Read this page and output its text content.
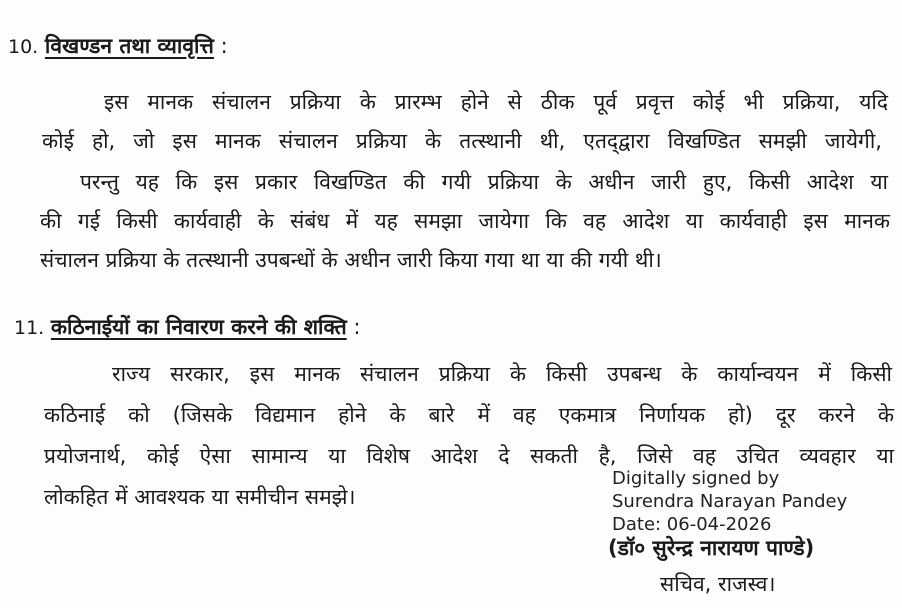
10. विखण्डन तथा व्यावृत्ति :
इस मानक संचालन प्रक्रिया के प्रारम्भ होने से ठीक पूर्व प्रवृत्त कोई भी प्रक्रिया, यदि
कोई हो, जो इस मानक संचालन प्रक्रिया के तत्स्थानी थी, एतद्‌द्वारा विखण्डित समझी जायेगी,
परन्तु यह कि इस प्रकार विखण्डित की गयी प्रक्रिया के अधीन जारी हुए, किसी आदेश या
की गई किसी कार्यवाही के संबंध में यह समझा जायेगा कि वह आदेश या कार्यवाही इस मानक
संचालन प्रक्रिया के तत्स्थानी उपबन्धों के अधीन जारी किया गया था या की गयी थी।
11. कठिनाईयों का निवारण करने की शक्ति :
राज्य सरकार, इस मानक संचालन प्रक्रिया के किसी उपबन्ध के कार्यान्वयन में किसी
कठिनाई को (जिसके विद्यमान होने के बारे में वह एकमात्र निर्णायक हो) दूर करने के
प्रयोजनार्थ, कोई ऐसा सामान्य या विशेष आदेश दे सकती है, जिसे वह उचित व्यवहार या
लोकहित में आवश्यक या समीचीन समझे।
Digitally signed by
Surendra Narayan Pandey
Date: 06-04-2026
(डॉ० सुरेन्द्र नारायण पाण्डे)
सचिव, राजस्व।
